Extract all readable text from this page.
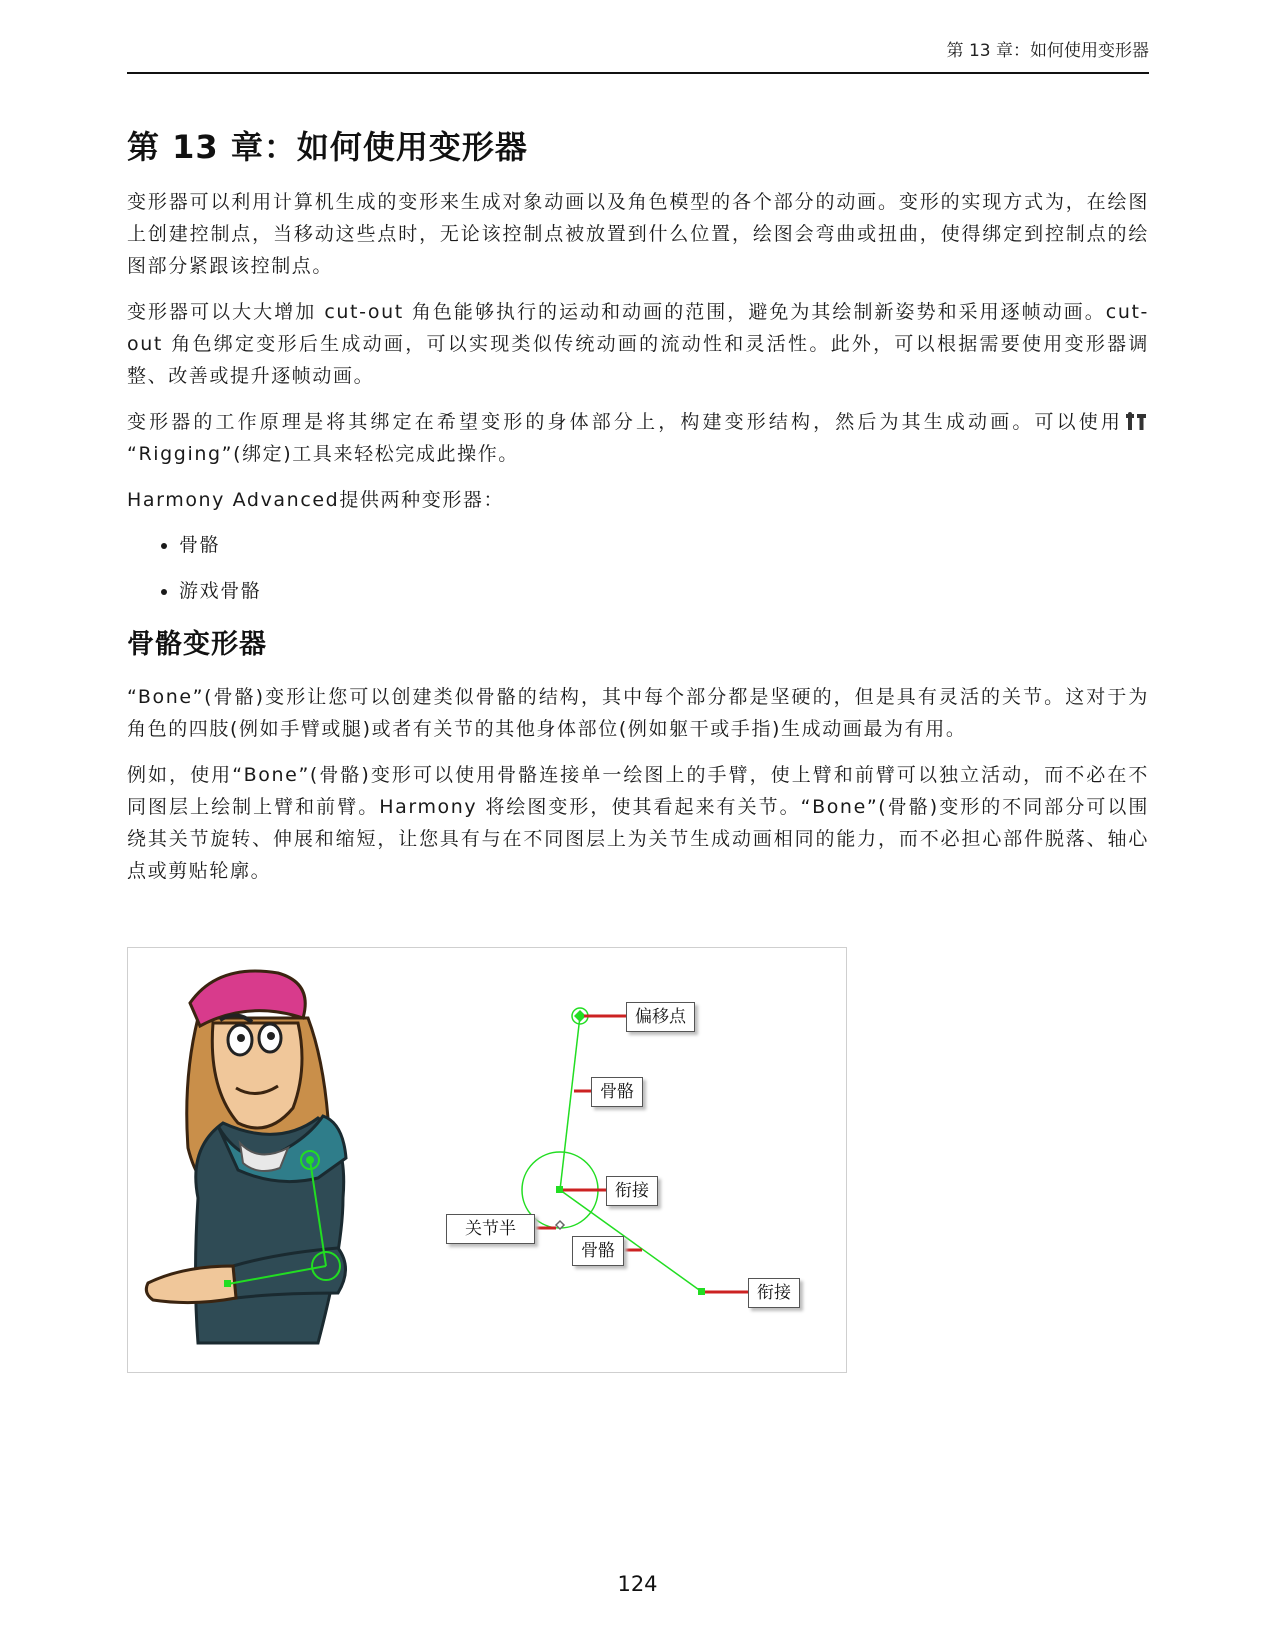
第 13 章：如何使用变形器
第 13 章：如何使用变形器

变形器可以利用计算机生成的变形来生成对象动画以及角色模型的各个部分的动画。变形的实现方式为，在绘图上创建控制点，当移动这些点时，无论该控制点被放置到什么位置，绘图会弯曲或扭曲，使得绑定到控制点的绘图部分紧跟该控制点。

变形器可以大大增加 cut-out 角色能够执行的运动和动画的范围，避免为其绘制新姿势和采用逐帧动画。cut-out 角色绑定变形后生成动画，可以实现类似传统动画的流动性和灵活性。此外，可以根据需要使用变形器调整、改善或提升逐帧动画。

变形器的工作原理是将其绑定在希望变形的身体部分上，构建变形结构，然后为其生成动画。可以使用“Rigging”(绑定)工具来轻松完成此操作。

Harmony Advanced提供两种变形器：

• 骨骼
• 游戏骨骼
骨骼变形器

“Bone”(骨骼)变形让您可以创建类似骨骼的结构，其中每个部分都是坚硬的，但是具有灵活的关节。这对于为角色的四肢(例如手臂或腿)或者有关节的其他身体部位(例如躯干或手指)生成动画最为有用。

例如，使用“Bone”(骨骼)变形可以使用骨骼连接单一绘图上的手臂，使上臂和前臂可以独立活动，而不必在不同图层上绘制上臂和前臂。Harmony 将绘图变形，使其看起来有关节。“Bone”(骨骼)变形的不同部分可以围绕其关节旋转、伸展和缩短，让您具有与在不同图层上为关节生成动画相同的能力，而不必担心部件脱落、轴心点或剪贴轮廓。

偏移点
骨骼
衔接
关节半
骨骼
衔接
124
